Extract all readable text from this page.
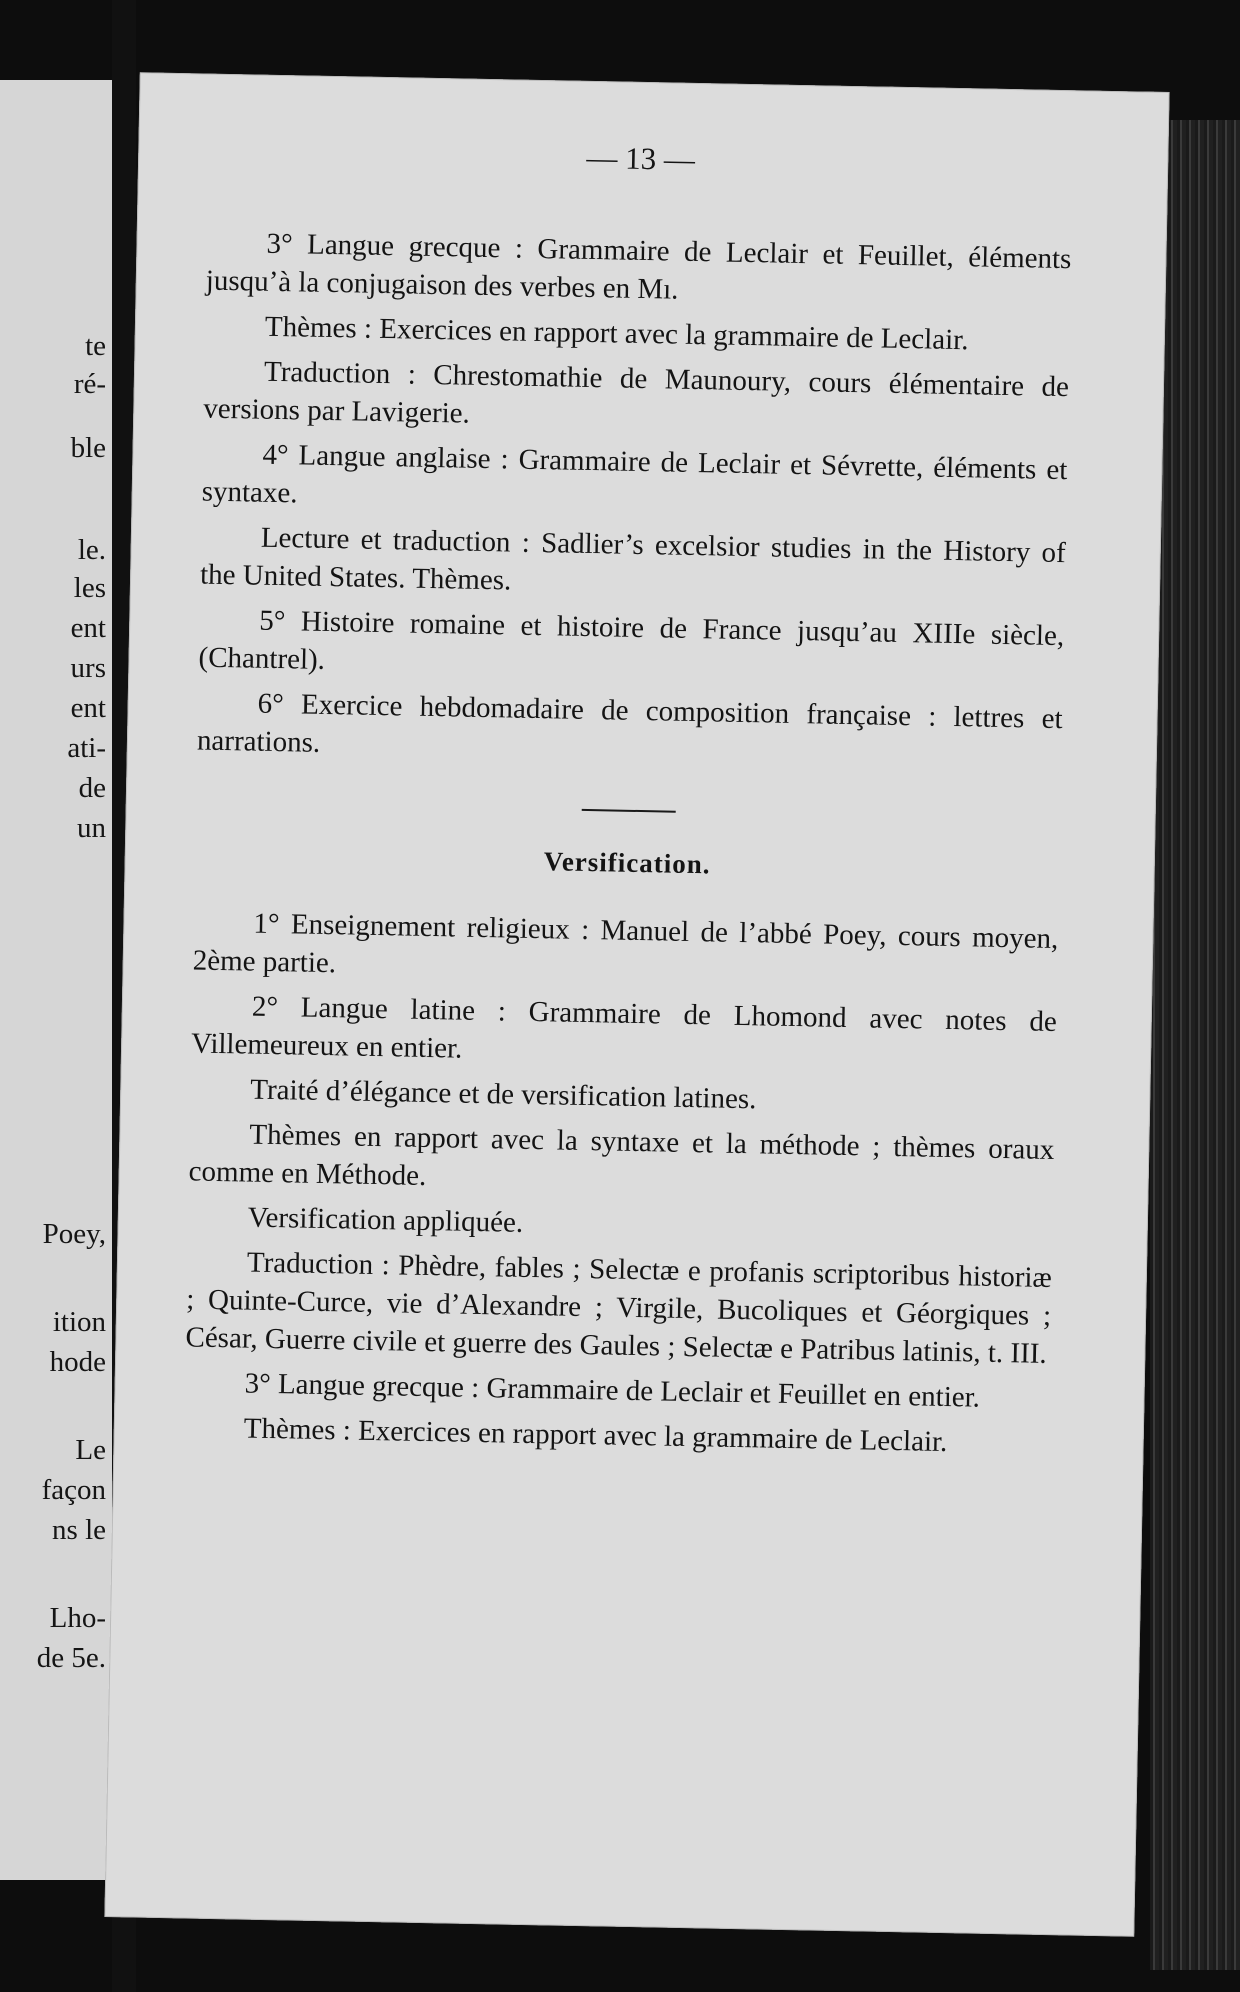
te
ré-
ble
le.
les
ent
urs
ent
ati-
de
un
Poey,
ition
hode
Le
façon
ns le
Lho-
de 5e.
— 13 —

3° Langue grecque : Grammaire de Leclair et Feuillet, éléments jusqu’à la conjugaison des verbes en Mı.

Thèmes : Exercices en rapport avec la grammaire de Leclair.

Traduction : Chrestomathie de Maunoury, cours élémentaire de versions par Lavigerie.

4° Langue anglaise : Grammaire de Leclair et Sévrette, éléments et syntaxe.

Lecture et traduction : Sadlier’s excelsior studies in the History of the United States. Thèmes.

5° Histoire romaine et histoire de France jusqu’au XIIIe siècle, (Chantrel).

6° Exercice hebdomadaire de composition française : lettres et narrations.

Versification.

1° Enseignement religieux : Manuel de l’abbé Poey, cours moyen, 2ème partie.

2° Langue latine : Grammaire de Lhomond avec notes de Villemeureux en entier.

Traité d’élégance et de versification latines.

Thèmes en rapport avec la syntaxe et la méthode ; thèmes oraux comme en Méthode.

Versification appliquée.

Traduction : Phèdre, fables ; Selectæ e profanis scriptoribus historiæ ; Quinte-Curce, vie d’Alexandre ; Virgile, Bucoliques et Géorgiques ; César, Guerre civile et guerre des Gaules ; Selectæ e Patribus latinis, t. III.

3° Langue grecque : Grammaire de Leclair et Feuillet en entier.

Thèmes : Exercices en rapport avec la grammaire de Leclair.
